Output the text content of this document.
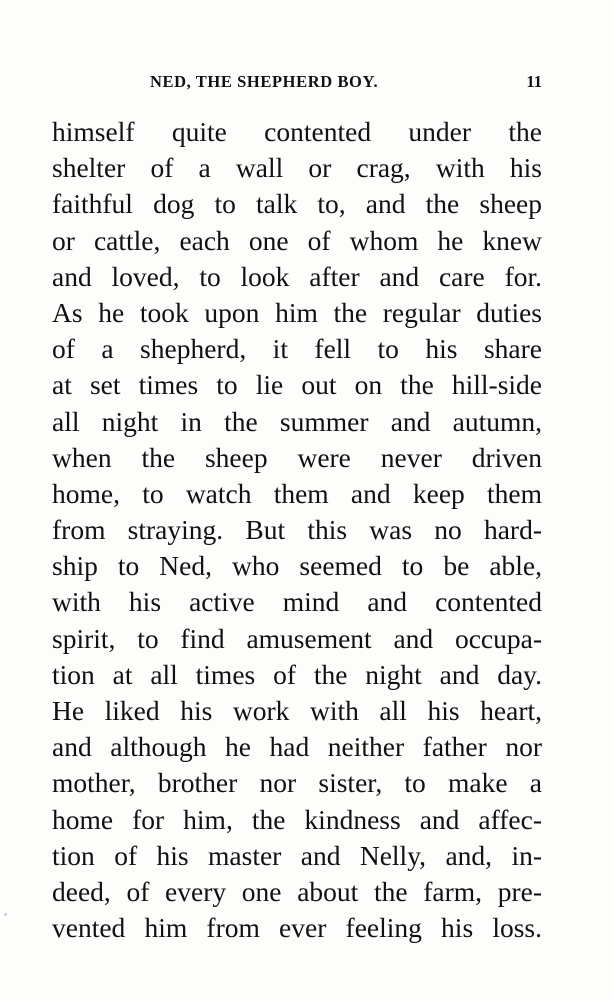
NED, THE SHEPHERD BOY.	11
himself quite contented under the
shelter of a wall or crag, with his
faithful dog to talk to, and the sheep
or cattle, each one of whom he knew
and loved, to look after and care for.
As he took upon him the regular duties
of a shepherd, it fell to his share
at set times to lie out on the hill-side
all night in the summer and autumn,
when the sheep were never driven
home, to watch them and keep them
from straying. But this was no hard-
ship to Ned, who seemed to be able,
with his active mind and contented
spirit, to find amusement and occupa-
tion at all times of the night and day.
He liked his work with all his heart,
and although he had neither father nor
mother, brother nor sister, to make a
home for him, the kindness and affec-
tion of his master and Nelly, and, in-
deed, of every one about the farm, pre-
vented him from ever feeling his loss.
